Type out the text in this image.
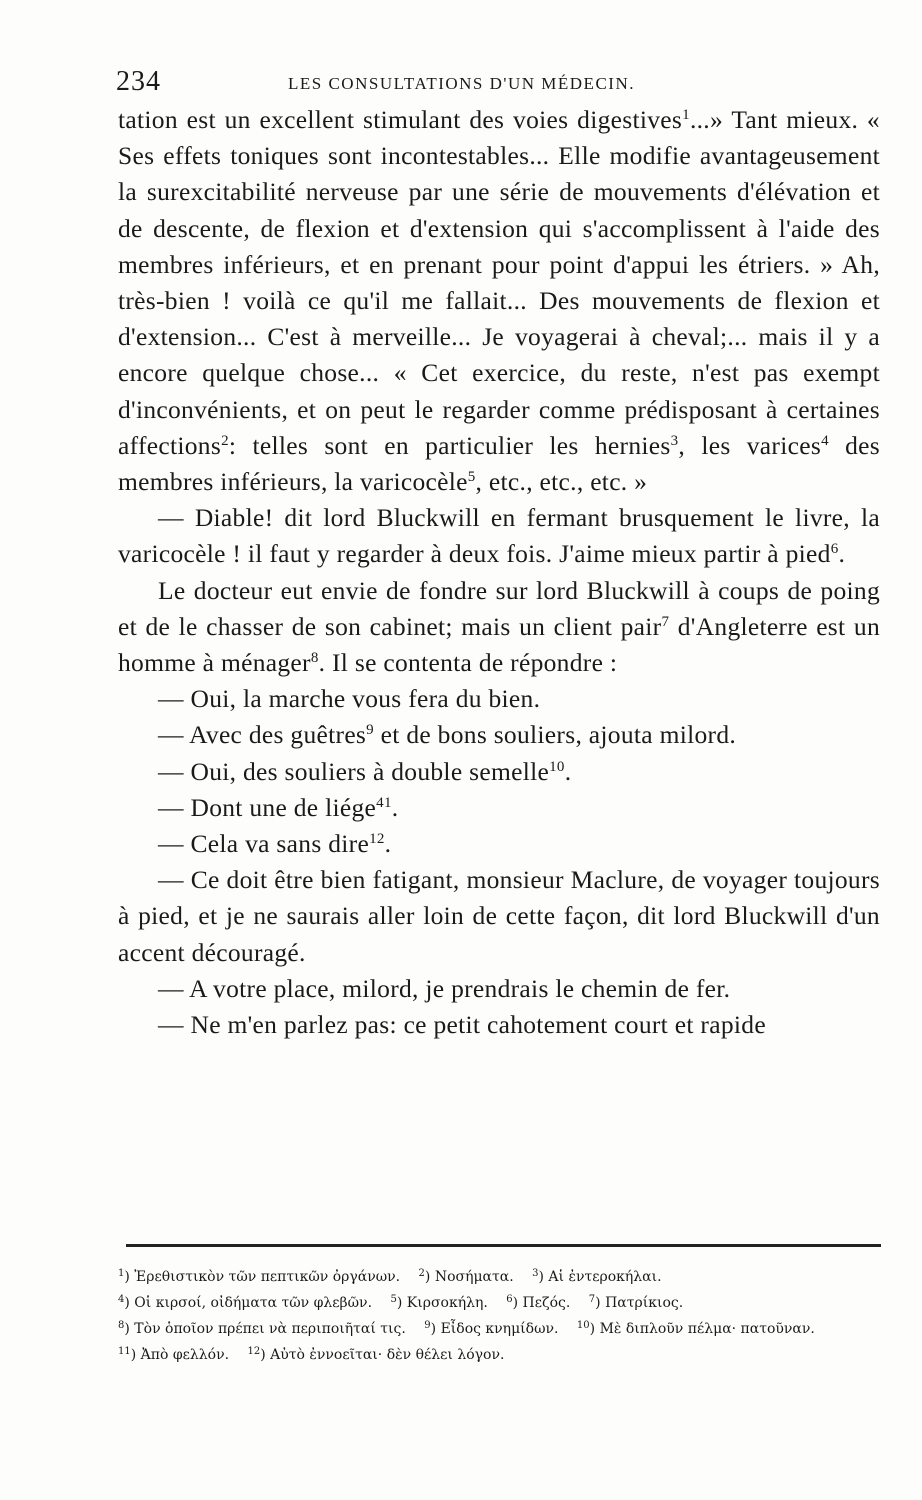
234	LES CONSULTATIONS D'UN MÉDECIN.

tation est un excellent stimulant des voies digestives$^1$...» Tant mieux. « Ses effets toniques sont incontestables... Elle modifie avantageusement la surexcitabilité nerveuse par une série de mouvements d'élévation et de descente, de flexion et d'extension qui s'accomplissent à l'aide des membres inférieurs, et en prenant pour point d'appui les étriers. » Ah, très-bien ! voilà ce qu'il me fallait... Des mouvements de flexion et d'extension... C'est à merveille... Je voyagerai à cheval;... mais il y a encore quelque chose... « Cet exercice, du reste, n'est pas exempt d'inconvénients, et on peut le regarder comme prédisposant à certaines affections$^2$: telles sont en particulier les hernies$^3$, les varices$^4$ des membres inférieurs, la varicocèle$^5$, etc., etc., etc. »

— Diable! dit lord Bluckwill en fermant brusquement le livre, la varicocèle ! il faut y regarder à deux fois. J'aime mieux partir à pied$^6$.

Le docteur eut envie de fondre sur lord Bluckwill à coups de poing et de le chasser de son cabinet; mais un client pair$^7$ d'Angleterre est un homme à ménager$^8$. Il se contenta de répondre :

— Oui, la marche vous fera du bien.

— Avec des guêtres$^9$ et de bons souliers, ajouta milord.

— Oui, des souliers à double semelle$^{10}$.

— Dont une de liége$^{41}$.

— Cela va sans dire$^{12}$.

— Ce doit être bien fatigant, monsieur Maclure, de voyager toujours à pied, et je ne saurais aller loin de cette façon, dit lord Bluckwill d'un accent découragé.

— A votre place, milord, je prendrais le chemin de fer.

— Ne m'en parlez pas: ce petit cahotement court et rapide

$^1$) Ἐρεθιστικὸν τῶν πεπτικῶν ὀργάνων. $^2$) Νοσήματα. $^3$) Αἱ ἐντεροκήλαι.

$^4$) Οἱ κιρσοί, οἰδήματα τῶν φλεβῶν. $^5$) Κιρσοκήλη. $^6$) Πεζός. $^7$) Πατρίκιος.

$^8$) Τὸν ὁποῖον πρέπει νὰ περιποιῆταί τις. $^9$) Εἶδος κνημίδων. $^{10}$) Μὲ διπλοῦν πέλμα· πατοῦναν.

$^{11}$) Ἀπὸ φελλόν. $^{12}$) Αὐτὸ ἐννοεῖται· δὲν θέλει λόγον.
